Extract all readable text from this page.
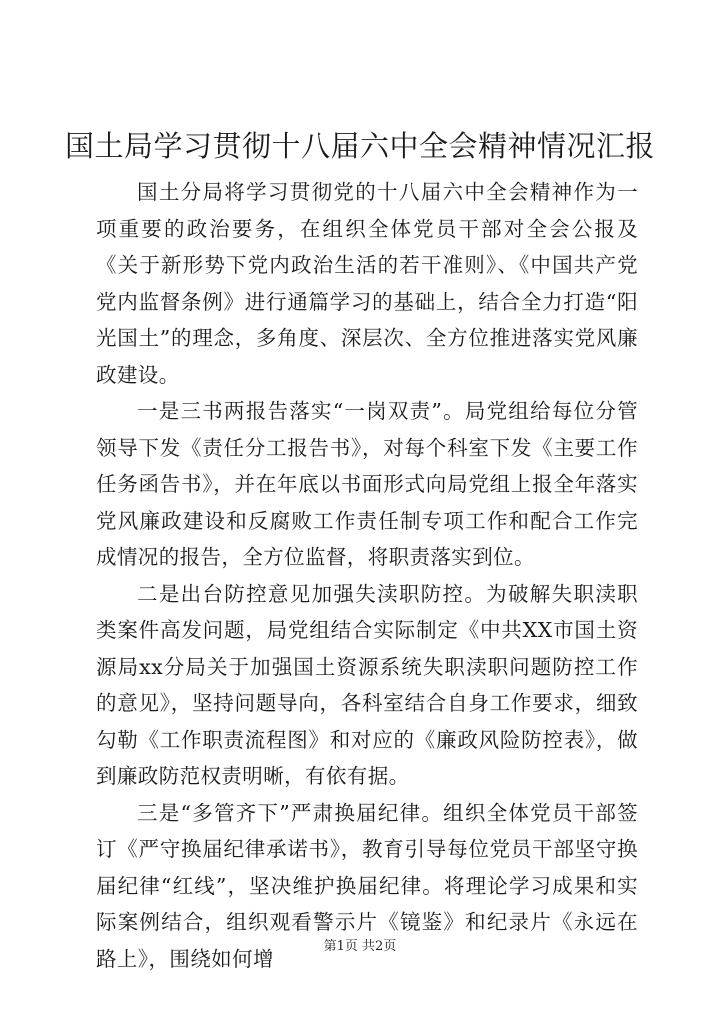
国土局学习贯彻十八届六中全会精神情况汇报

国土分局将学习贯彻党的十八届六中全会精神作为一项重要的政治要务，在组织全体党员干部对全会公报及《关于新形势下党内政治生活的若干准则》、《中国共产党党内监督条例》进行通篇学习的基础上，结合全力打造“阳光国土”的理念，多角度、深层次、全方位推进落实党风廉政建设。

一是三书两报告落实“一岗双责”。局党组给每位分管领导下发《责任分工报告书》，对每个科室下发《主要工作任务函告书》，并在年底以书面形式向局党组上报全年落实党风廉政建设和反腐败工作责任制专项工作和配合工作完成情况的报告，全方位监督，将职责落实到位。

二是出台防控意见加强失渎职防控。为破解失职渎职类案件高发问题，局党组结合实际制定《中共XX市国土资源局xx分局关于加强国土资源系统失职渎职问题防控工作的意见》，坚持问题导向，各科室结合自身工作要求，细致勾勒《工作职责流程图》和对应的《廉政风险防控表》，做到廉政防范权责明晰，有依有据。

三是“多管齐下”严肃换届纪律。组织全体党员干部签订《严守换届纪律承诺书》，教育引导每位党员干部坚守换届纪律“红线”，坚决维护换届纪律。将理论学习成果和实际案例结合，组织观看警示片《镜鉴》和纪录片《永远在路上》，围绕如何增	第1页 共2页
